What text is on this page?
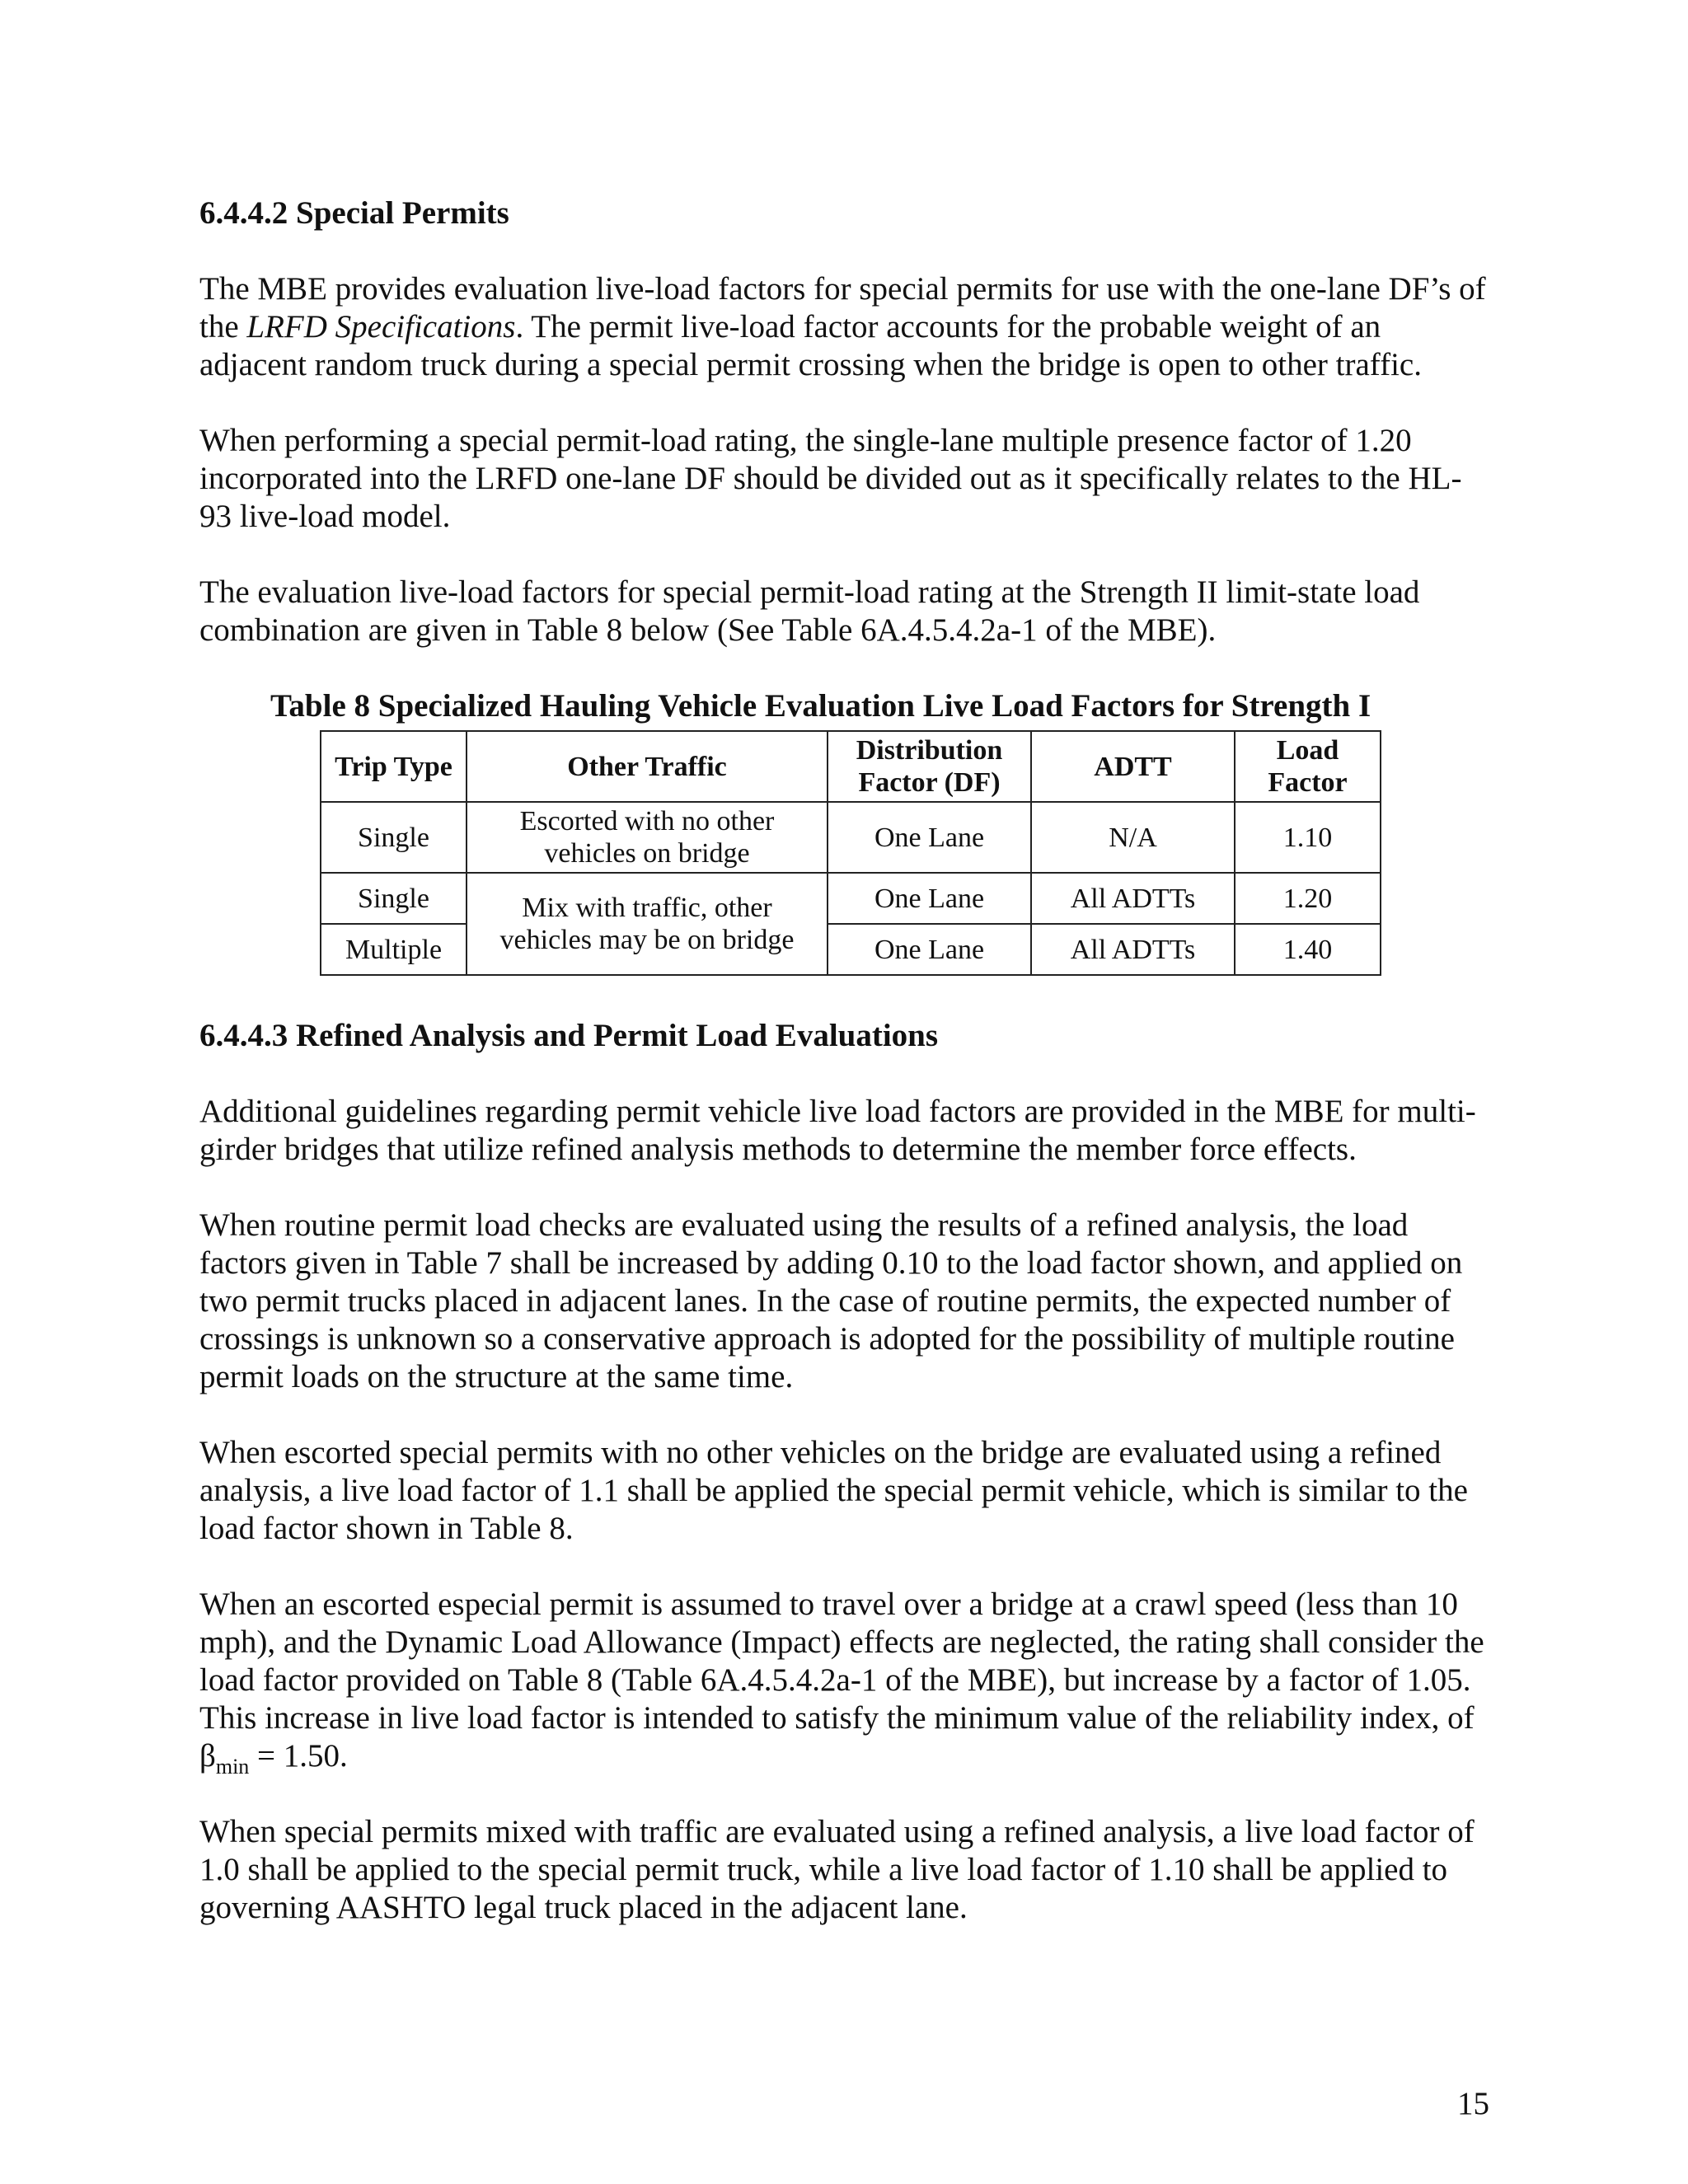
6.4.4.2 Special Permits

The MBE provides evaluation live-load factors for special permits for use with the one-lane DF’s of the LRFD Specifications. The permit live-load factor accounts for the probable weight of an adjacent random truck during a special permit crossing when the bridge is open to other traffic.

When performing a special permit-load rating, the single-lane multiple presence factor of 1.20 incorporated into the LRFD one-lane DF should be divided out as it specifically relates to the HL-93 live-load model.

The evaluation live-load factors for special permit-load rating at the Strength II limit-state load combination are given in Table 8 below (See Table 6A.4.5.4.2a-1 of the MBE).

Table 8 Specialized Hauling Vehicle Evaluation Live Load Factors for Strength I
Trip Type	Other Traffic	Distribution Factor (DF)	ADTT	Load Factor
Single	Escorted with no other vehicles on bridge	One Lane	N/A	1.10
Single	Mix with traffic, other vehicles may be on bridge	One Lane	All ADTTs	1.20
Multiple		One Lane	All ADTTs	1.40
6.4.4.3 Refined Analysis and Permit Load Evaluations

Additional guidelines regarding permit vehicle live load factors are provided in the MBE for multi-girder bridges that utilize refined analysis methods to determine the member force effects.

When routine permit load checks are evaluated using the results of a refined analysis, the load factors given in Table 7 shall be increased by adding 0.10 to the load factor shown, and applied on two permit trucks placed in adjacent lanes. In the case of routine permits, the expected number of crossings is unknown so a conservative approach is adopted for the possibility of multiple routine permit loads on the structure at the same time.

When escorted special permits with no other vehicles on the bridge are evaluated using a refined analysis, a live load factor of 1.1 shall be applied the special permit vehicle, which is similar to the load factor shown in Table 8.

When an escorted especial permit is assumed to travel over a bridge at a crawl speed (less than 10 mph), and the Dynamic Load Allowance (Impact) effects are neglected, the rating shall consider the load factor provided on Table 8 (Table 6A.4.5.4.2a-1 of the MBE), but increase by a factor of 1.05. This increase in live load factor is intended to satisfy the minimum value of the reliability index, of $\beta_{min} = 1.50$.

When special permits mixed with traffic are evaluated using a refined analysis, a live load factor of 1.0 shall be applied to the special permit truck, while a live load factor of 1.10 shall be applied to governing AASHTO legal truck placed in the adjacent lane.

15
